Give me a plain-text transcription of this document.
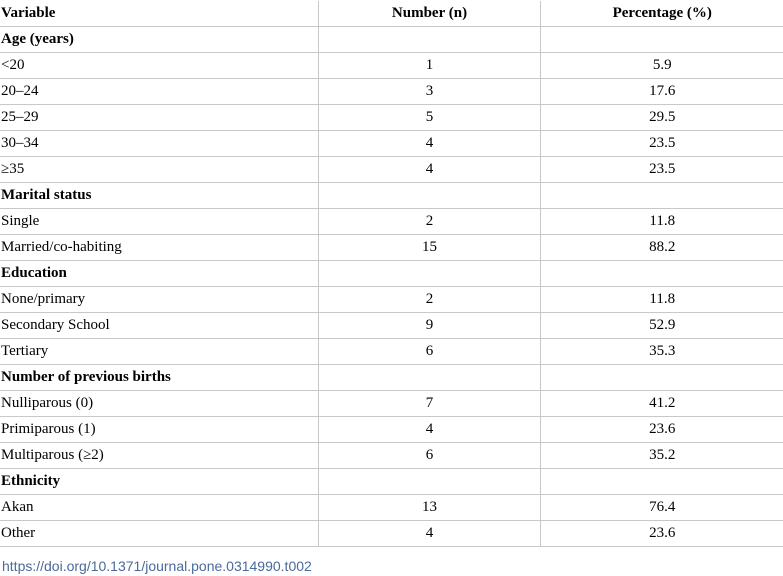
Variable	Number (n)	Percentage (%)
Age (years)		
<20	1	5.9
20–24	3	17.6
25–29	5	29.5
30–34	4	23.5
≥35	4	23.5
Marital status		
Single	2	11.8
Married/co-habiting	15	88.2
Education		
None/primary	2	11.8
Secondary School	9	52.9
Tertiary	6	35.3
Number of previous births		
Nulliparous (0)	7	41.2
Primiparous (1)	4	23.6
Multiparous (≥2)	6	35.2
Ethnicity		
Akan	13	76.4
Other	4	23.6
https://doi.org/10.1371/journal.pone.0314990.t002
